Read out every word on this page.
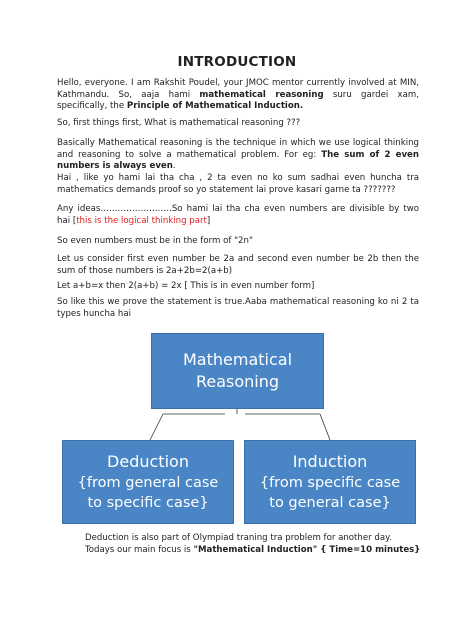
INTRODUCTION
Hello, everyone. I am Rakshit Poudel, your JMOC mentor currently involved at MIN, Kathmandu. So, aaja hami mathematical reasoning suru gardei xam, specifically, the Principle of Mathematical Induction.
So, first things first, What is mathematical reasoning ???
Basically Mathematical reasoning is the technique in which we use logical thinking and reasoning to solve a mathematical problem. For eg: The sum of 2 even numbers is always even.
Hai , like yo hami lai tha cha , 2 ta even no ko sum sadhai even huncha tra mathematics demands proof so yo statement lai prove kasari garne ta ???????
Any ideas…………………….So hami lai tha cha even numbers are divisible by two hai [this is the logical thinking part]
So even numbers must be in the form of "2n"
Let us consider first even number be 2a and second even number be 2b then the sum of those numbers is 2a+2b=2(a+b)
Let a+b=x then 2(a+b) = 2x [ This is in even number form]
So like this we prove the statement is true.Aaba mathematical reasoning ko ni 2 ta types huncha hai
Mathematical
Reasoning
Deduction
{from general case
to specific case}
Induction
{from specific case
to general case}
Deduction is also part of Olympiad traning tra problem for another day.
Todays our main focus is "Mathematical Induction" { Time=10 minutes}
